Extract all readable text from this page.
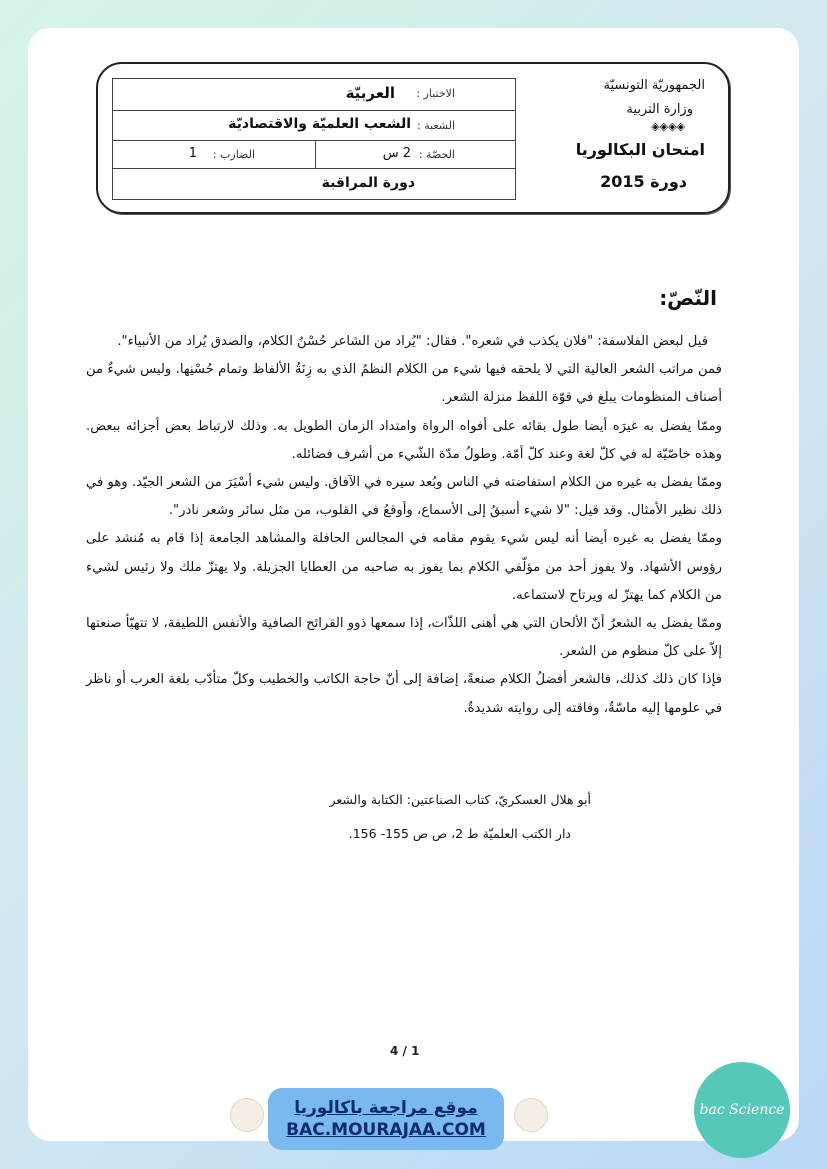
الاختبار :
العربيّة
الشعبة :
الشعب العلميّة والاقتصاديّة
الحصّة :
2 س
الضارب :
1
دورة المراقبة
الجمهوريّة التونسيّة
وزارة التربية
◈◈◈◈
امتحان البكالوريا
دورة 2015
النّصّ:

قيل لبعض الفلاسفة: "فلان يكذب في شعره". فقال: "يُراد من الشاعر حُسْنُ الكلام، والصدق يُراد من الأنبياء".

فمن مراتب الشعر العالية التي لا يلحقه فيها شيء من الكلام النظمُ الذي به زِنَةُ الألفاظ وتمام حُسْنِها. وليس شيءٌ من أصناف المنظومات يبلغ في قوّة اللفظ منزلة الشعر.

وممّا يفضل به غيرَه أيضا طول بقائه على أفواه الرواة وامتداد الزمان الطويل به. وذلك لارتباط بعض أجزائه ببعض. وهذه خاصّيّة له في كلّ لغة وعند كلّ أمّة. وطولُ مدّة الشّيء من أشرف فضائله.

وممّا يفضل به غيره من الكلام استفاضته في الناس وبُعد سيره في الآفاق. وليس شيء أسْيَرَ من الشعر الجيّد. وهو في ذلك نظير الأمثال. وقد قيل: "لا شيء أسبقُ إلى الأسماع، وأوقعُ في القلوب، من مثل سائر وشعر نادر".

وممّا يفضل به غيره أيضا أنه ليس شيء يقوم مقامه في المجالس الحافلة والمشاهد الجامعة إذا قام به مُنشد على رؤوس الأشهاد. ولا يفوز أحد من مؤلّفي الكلام بما يفوز به صاحبه من العطايا الجزيلة. ولا يهتزّ ملك ولا رئيس لشيء من الكلام كما يهتزّ له ويرتاح لاستماعه.

وممّا يفضل به الشعرُ أنّ الألحان التي هي أهنى اللذّات، إذا سمعها ذوو القرائح الصافية والأنفس اللطيفة، لا تتهيّأ صنعتها إلاّ على كلّ منظوم من الشعر.

فإذا كان ذلك كذلك، فالشعر أفضلُ الكلام صنعةً، إضافة إلى أنّ حاجة الكاتب والخطيب وكلّ متأدّب بلغة العرب أو ناظر في علومها إليه ماسّةٌ، وفاقته إلى روايته شديدةٌ.

أبو هلال العسكريّ، كتاب الصناعتين: الكتابة والشعر
دار الكتب العلميّة ط 2، ص ص 155- 156.
4 / 1
موقع مراجعة باكالوريا
BAC.MOURAJAA.COM
bac Science
